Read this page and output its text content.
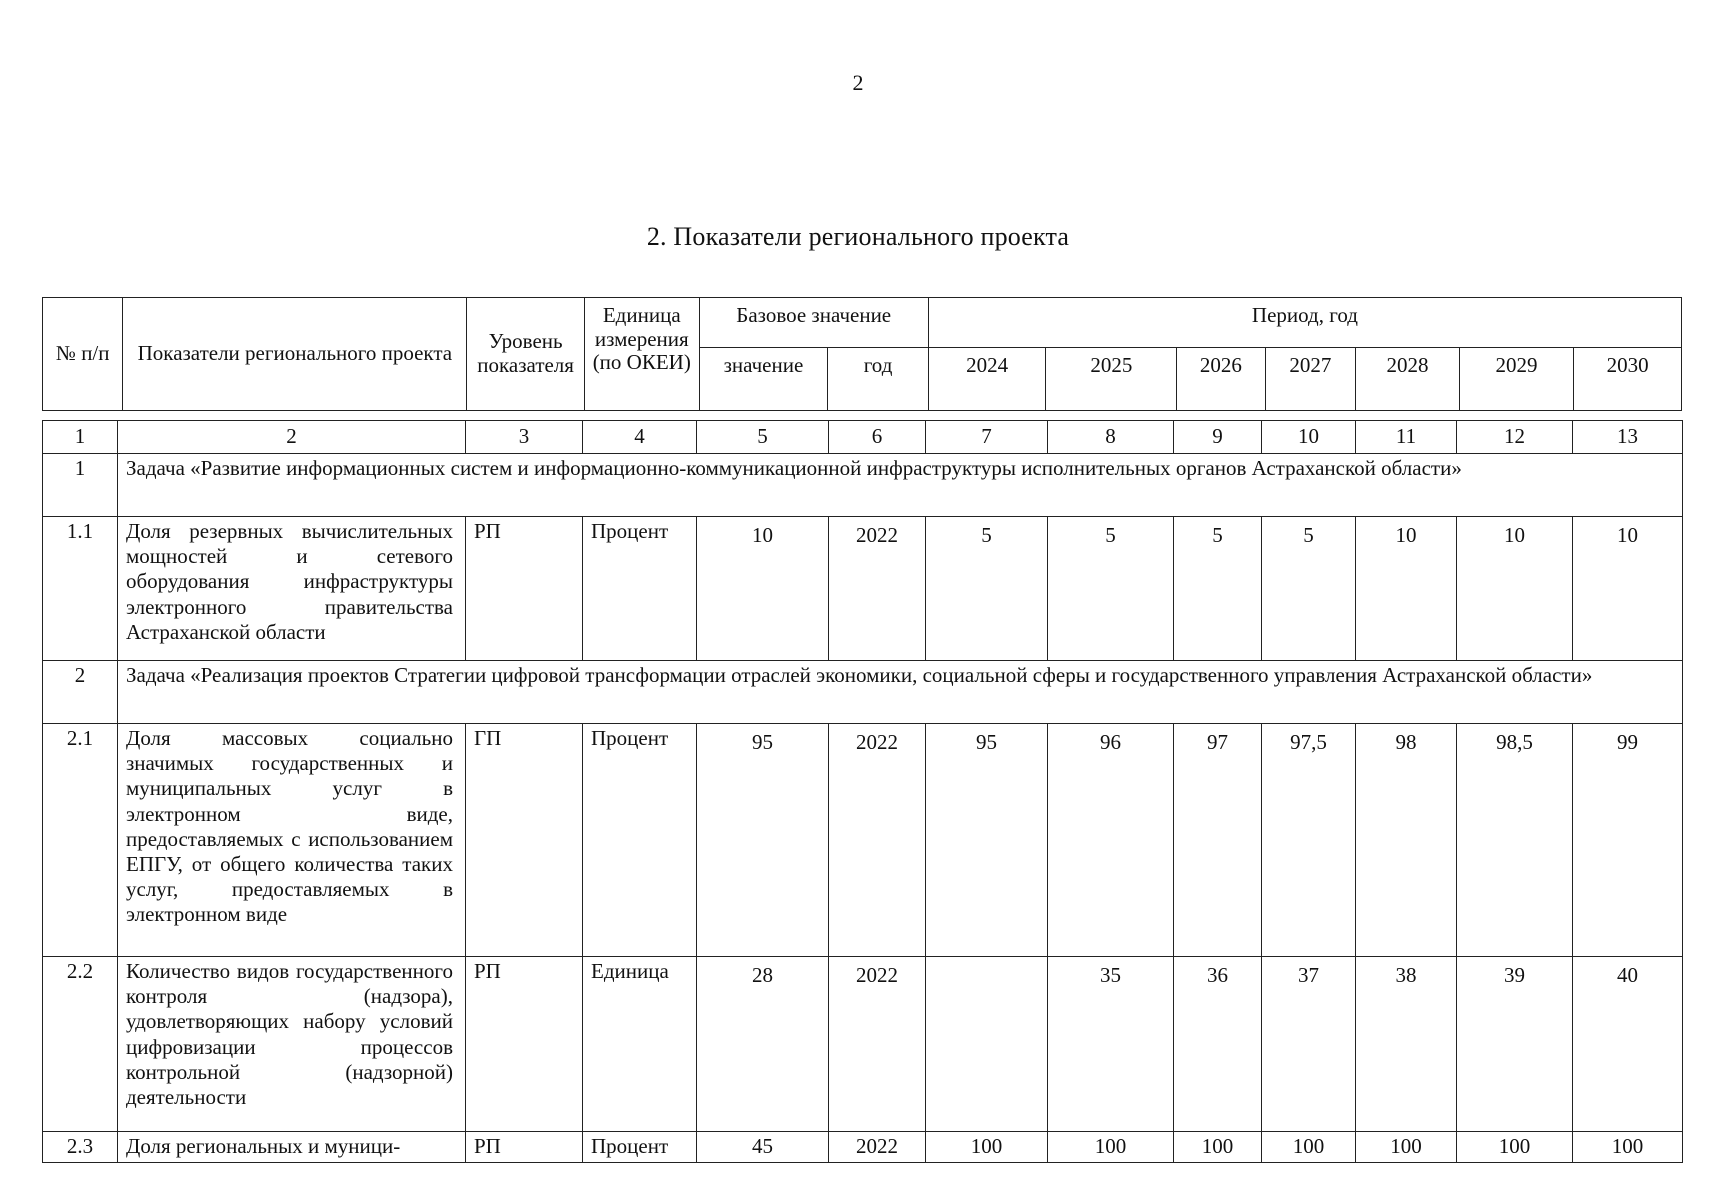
2
2. Показатели регионального проекта
№ п/п	Показатели регионального проекта	Уровень показателя	Единица измерения (по ОКЕИ)	Базовое значение		Период, год						
				значение	год	2024	2025	2026	2027	2028	2029	2030
1	2	3	4	5	6	7	8	9	10	11	12	13
1	Задача «Развитие информационных систем и информационно-коммуникационной инфраструктуры исполнительных органов Астраханской области»											
1.1	Доля резервных вычислительных мощностей и сетевого оборудования инфраструктуры электронного правительства Астраханской области	РП	Процент	10	2022	5	5	5	5	10	10	10
2	Задача «Реализация проектов Стратегии цифровой трансформации отраслей экономики, социальной сферы и государственного управления Астраханской области»											
2.1	Доля массовых социально значимых государственных и муниципальных услуг в электронном виде, предоставляемых с использованием ЕПГУ, от общего количества таких услуг, предоставляемых в электронном виде	ГП	Процент	95	2022	95	96	97	97,5	98	98,5	99
2.2	Количество видов государственного контроля (надзора), удовлетворяющих набору условий цифровизации процессов контрольной (надзорной) деятельности	РП	Единица	28	2022		35	36	37	38	39	40
2.3	Доля региональных и муници-	РП	Процент	45	2022	100	100	100	100	100	100	100
